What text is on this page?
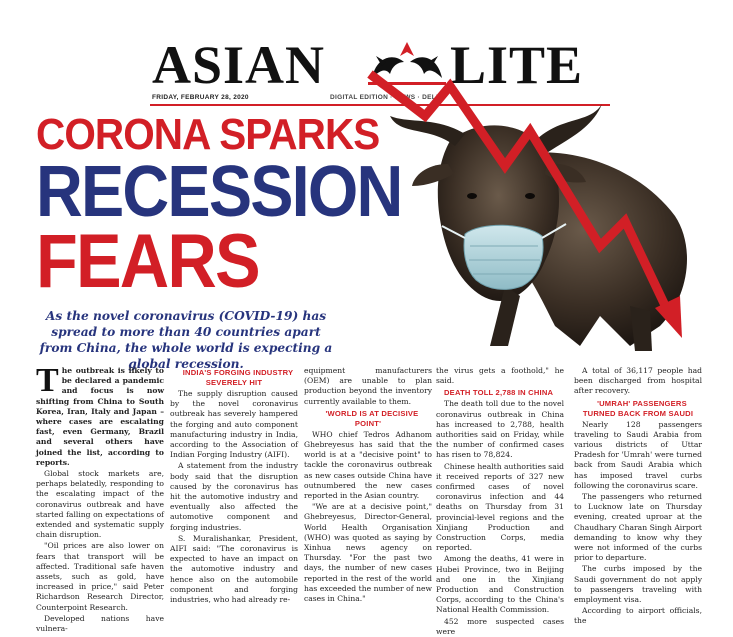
ASIAN LITE
FRIDAY, FEBRUARY 28, 2020	DIGITAL EDITION · NEWS · DELHI
CORONA SPARKS
RECESSION
FEARS
As the novel coronavirus (COVID-19) has spread to more than 40 countries apart from China, the whole world is expecting a global recession.

The outbreak is likely to be declared a pandemic and focus is now shifting from China to South Korea, Iran, Italy and Japan – where cases are escalating fast, even Germany, Brazil and several others have joined the list, according to reports.

Global stock markets are, perhaps belatedly, responding to the escalating impact of the coronavirus outbreak and have started falling on expectations of extended and systematic supply chain disruption.

"Oil prices are also lower on fears that transport will be affected. Traditional safe haven assets, such as gold, have increased in price," said Peter Richardson Research Director, Counterpoint Research.

Developed nations have vulnera-

INDIA'S FORGING INDUSTRY SEVERELY HIT

The supply disruption caused by the novel coronavirus outbreak has severely hampered the forging and auto component manufacturing industry in India, according to the Association of Indian Forging Industry (AIFI).

A statement from the industry body said that the disruption caused by the coronavirus has hit the automotive industry and eventually also affected the automotive component and forging industries.

S. Muralishankar, President, AIFI said: "The coronavirus is expected to have an impact on the automotive industry and hence also on the automobile component and forging industries, who had already re-

equipment manufacturers (OEM) are unable to plan production beyond the inventory currently available to them.

'WORLD IS AT DECISIVE POINT'

WHO chief Tedros Adhanom Ghebreyesus has said that the world is at a "decisive point" to tackle the coronavirus outbreak as new cases outside China have outnumbered the new cases reported in the Asian country.

"We are at a decisive point," Ghebreyesus, Director-General, World Health Organisation (WHO) was quoted as saying by Xinhua news agency on Thursday. "For the past two days, the number of new cases reported in the rest of the world has exceeded the number of new cases in China."

the virus gets a foothold," he said.

DEATH TOLL 2,788 IN CHINA

The death toll due to the novel coronavirus outbreak in China has increased to 2,788, health authorities said on Friday, while the number of confirmed cases has risen to 78,824.

Chinese health authorities said it received reports of 327 new confirmed cases of novel coronavirus infection and 44 deaths on Thursday from 31 provincial-level regions and the Xinjiang Production and Construction Corps, media reported.

Among the deaths, 41 were in Hubei Province, two in Beijing and one in the Xinjiang Production and Construction Corps, according to the China's National Health Commission.

452 more suspected cases were

A total of 36,117 people had been discharged from hospital after recovery.

'UMRAH' PASSENGERS TURNED BACK FROM SAUDI

Nearly 128 passengers traveling to Saudi Arabia from various districts of Uttar Pradesh for 'Umrah' were turned back from Saudi Arabia which has imposed travel curbs following the coronavirus scare.

The passengers who returned to Lucknow late on Thursday evening, created uproar at the Chaudhary Charan Singh Airport demanding to know why they were not informed of the curbs prior to departure.

The curbs imposed by the Saudi government do not apply to passengers traveling with employment visa.

According to airport officials, the
